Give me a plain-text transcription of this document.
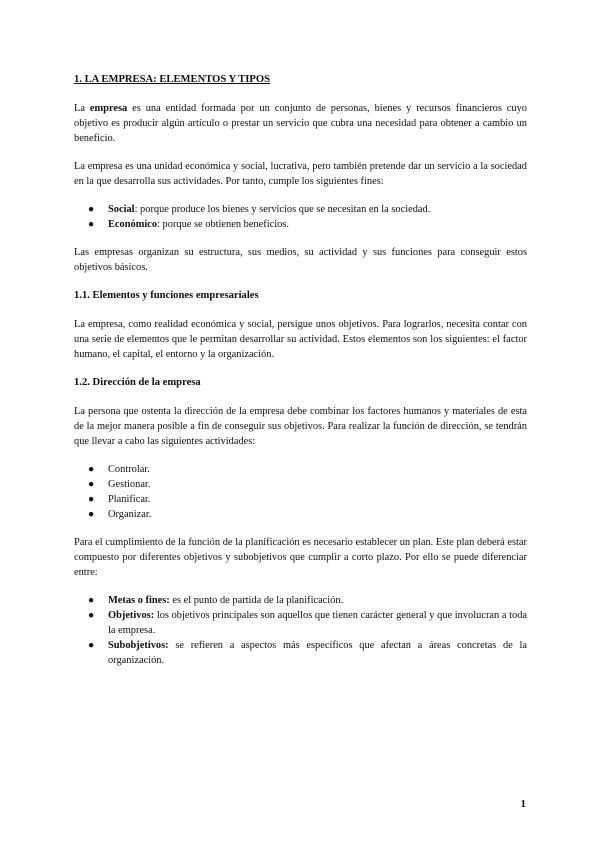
1. LA EMPRESA: ELEMENTOS Y TIPOS

La empresa es una entidad formada por un conjunto de personas, bienes y recursos financieros cuyo objetivo es producir algún artículo o prestar un servicio que cubra una necesidad para obtener a cambio un beneficio.

La empresa es una unidad económica y social, lucrativa, pero también pretende dar un servicio a la sociedad en la que desarrolla sus actividades. Por tanto, cumple los siguientes fines:

● Social: porque produce los bienes y servicios que se necesitan en la sociedad.
● Económico: porque se obtienen beneficios.

Las empresas organizan su estructura, sus medios, su actividad y sus funciones para conseguir estos objetivos básicos.

1.1. Elementos y funciones empresariales

La empresa, como realidad económica y social, persigue unos objetivos. Para lograrlos, necesita contar con una serie de elementos que le permitan desarrollar su actividad. Estos elementos son los siguientes: el factor humano, el capital, el entorno y la organización.

1.2. Dirección de la empresa

La persona que ostenta la dirección de la empresa debe combinar los factores humanos y materiales de esta de la mejor manera posible a fin de conseguir sus objetivos. Para realizar la función de dirección, se tendrán que llevar a cabo las siguientes actividades:

● Controlar.
● Gestionar.
● Planificar.
● Organizar.

Para el cumplimiento de la función de la planificación es necesario establecer un plan. Este plan deberá estar compuesto por diferentes objetivos y subobjetivos que cumplir a corto plazo. Por ello se puede diferenciar entre:

● Metas o fines: es el punto de partida de la planificación.
● Objetivos: los objetivos principales son aquellos que tienen carácter general y que involucran a toda la empresa.
● Subobjetivos: se refieren a aspectos más específicos que afectan a áreas concretas de la organización.
1
